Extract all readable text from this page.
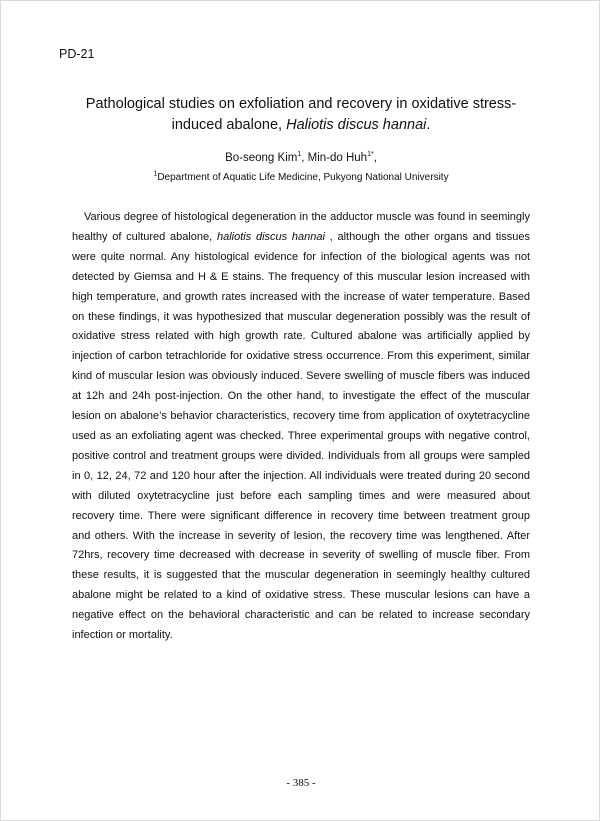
PD-21
Pathological studies on exfoliation and recovery in oxidative stress-induced abalone, Haliotis discus hannai.
Bo-seong Kim$^1$, Min-do Huh$^{1*}$,
$^1$Department of Aquatic Life Medicine, Pukyong National University

Various degree of histological degeneration in the adductor muscle was found in seemingly healthy of cultured abalone, haliotis discus hannai , although the other organs and tissues were quite normal. Any histological evidence for infection of the biological agents was not detected by Giemsa and H & E stains. The frequency of this muscular lesion increased with high temperature, and growth rates increased with the increase of water temperature. Based on these findings, it was hypothesized that muscular degeneration possibly was the result of oxidative stress related with high growth rate. Cultured abalone was artificially applied by injection of carbon tetrachloride for oxidative stress occurrence. From this experiment, similar kind of muscular lesion was obviously induced. Severe swelling of muscle fibers was induced at 12h and 24h post-injection. On the other hand, to investigate the effect of the muscular lesion on abalone’s behavior characteristics, recovery time from application of oxytetracycline used as an exfoliating agent was checked. Three experimental groups with negative control, positive control and treatment groups were divided. Individuals from all groups were sampled in 0, 12, 24, 72 and 120 hour after the injection. All individuals were treated during 20 second with diluted oxytetracycline just before each sampling times and were measured about recovery time. There were significant difference in recovery time between treatment group and others. With the increase in severity of lesion, the recovery time was lengthened. After 72hrs, recovery time decreased with decrease in severity of swelling of muscle fiber. From these results, it is suggested that the muscular degeneration in seemingly healthy cultured abalone might be related to a kind of oxidative stress. These muscular lesions can have a negative effect on the behavioral characteristic and can be related to increase secondary infection or mortality.

- 385 -
